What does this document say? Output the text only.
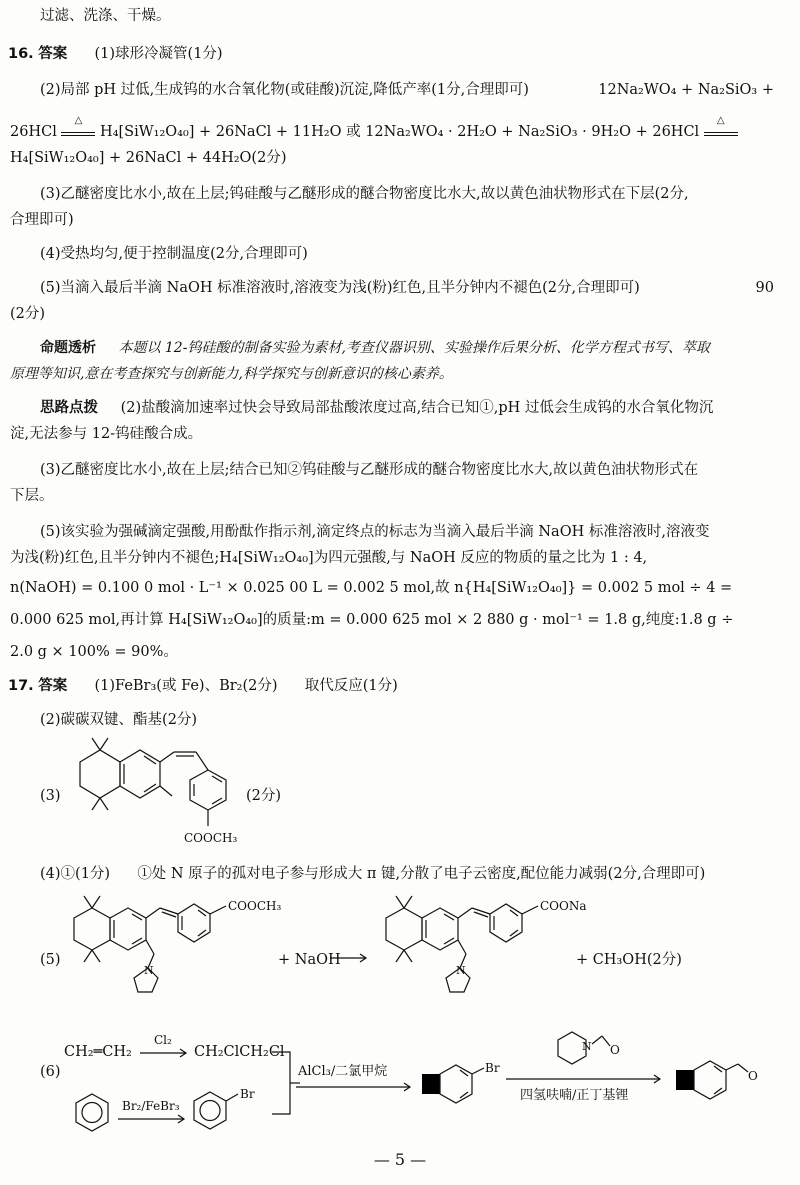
过滤、洗涤、干燥。
16. 答案 (1)球形冷凝管(1分)
(2)局部 pH 过低,生成钨的水合氧化物(或硅酸)沉淀,降低产率(1分,合理即可)	12Na₂WO₄ + Na₂SiO₃ +
26HCl
△
H₄[SiW₁₂O₄₀] + 26NaCl + 11H₂O 或 12Na₂WO₄ · 2H₂O + Na₂SiO₃ · 9H₂O + 26HCl
△
H₄[SiW₁₂O₄₀] + 26NaCl + 44H₂O(2分)
(3)乙醚密度比水小,故在上层;钨硅酸与乙醚形成的醚合物密度比水大,故以黄色油状物形式在下层(2分,
合理即可)
(4)受热均匀,便于控制温度(2分,合理即可)
(5)当滴入最后半滴 NaOH 标准溶液时,溶液变为浅(粉)红色,且半分钟内不褪色(2分,合理即可)	90
(2分)
命题透析 本题以 12-钨硅酸的制备实验为素材,考查仪器识别、实验操作后果分析、化学方程式书写、萃取
原理等知识,意在考查探究与创新能力,科学探究与创新意识的核心素养。
思路点拨 (2)盐酸滴加速率过快会导致局部盐酸浓度过高,结合已知①,pH 过低会生成钨的水合氧化物沉
淀,无法参与 12-钨硅酸合成。
(3)乙醚密度比水小,故在上层;结合已知②钨硅酸与乙醚形成的醚合物密度比水大,故以黄色油状物形式在
下层。
(5)该实验为强碱滴定强酸,用酚酞作指示剂,滴定终点的标志为当滴入最后半滴 NaOH 标准溶液时,溶液变
为浅(粉)红色,且半分钟内不褪色;H₄[SiW₁₂O₄₀]为四元强酸,与 NaOH 反应的物质的量之比为 1 : 4,
n(NaOH) = 0.100 0 mol · L⁻¹ × 0.025 00 L = 0.002 5 mol,故 n{H₄[SiW₁₂O₄₀]} = 0.002 5 mol ÷ 4 =
0.000 625 mol,再计算 H₄[SiW₁₂O₄₀]的质量:m = 0.000 625 mol × 2 880 g · mol⁻¹ = 1.8 g,纯度:1.8 g ÷
2.0 g × 100% = 90%。
17. 答案 (1)FeBr₃(或 Fe)、Br₂(2分) 取代反应(1分)
(2)碳碳双键、酯基(2分)
(3)
COOCH₃
(2分)
(4)①(1分) ①处 N 原子的孤对电子参与形成大 π 键,分散了电子云密度,配位能力减弱(2分,合理即可)
(5)
COOCH₃
N
+ NaOH
COONa
N
+ CH₃OH(2分)
(6)
CH₂═CH₂
Cl₂
CH₂ClCH₂Cl
Br₂/FeBr₃
Br
AlCl₃/二氯甲烷	Br
N O
四氢呋喃/正丁基锂
O
— 5 —
